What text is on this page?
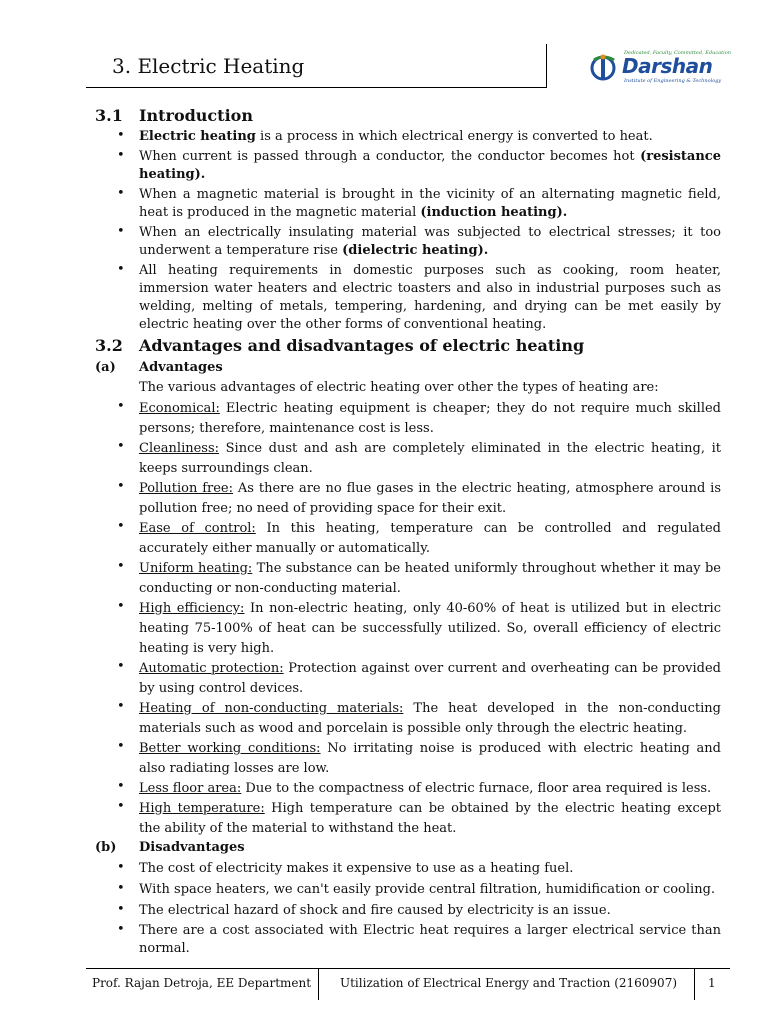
3. Electric Heating
Dedicated, Faculty, Committed, Education
Darshan
Institute of Engineering & Technology
3.1 Introduction
• Electric heating is a process in which electrical energy is converted to heat.
• When current is passed through a conductor, the conductor becomes hot (resistance heating).
• When a magnetic material is brought in the vicinity of an alternating magnetic field, heat is produced in the magnetic material (induction heating).
• When an electrically insulating material was subjected to electrical stresses; it too underwent a temperature rise (dielectric heating).
• All heating requirements in domestic purposes such as cooking, room heater, immersion water heaters and electric toasters and also in industrial purposes such as welding, melting of metals, tempering, hardening, and drying can be met easily by electric heating over the other forms of conventional heating.
3.2 Advantages and disadvantages of electric heating
(a) Advantages
The various advantages of electric heating over other the types of heating are:
• Economical: Electric heating equipment is cheaper; they do not require much skilled persons; therefore, maintenance cost is less.
• Cleanliness: Since dust and ash are completely eliminated in the electric heating, it keeps surroundings clean.
• Pollution free: As there are no flue gases in the electric heating, atmosphere around is pollution free; no need of providing space for their exit.
• Ease of control: In this heating, temperature can be controlled and regulated accurately either manually or automatically.
• Uniform heating: The substance can be heated uniformly throughout whether it may be conducting or non-conducting material.
• High efficiency: In non-electric heating, only 40-60% of heat is utilized but in electric heating 75-100% of heat can be successfully utilized. So, overall efficiency of electric heating is very high.
• Automatic protection: Protection against over current and overheating can be provided by using control devices.
• Heating of non-conducting materials: The heat developed in the non-conducting materials such as wood and porcelain is possible only through the electric heating.
• Better working conditions: No irritating noise is produced with electric heating and also radiating losses are low.
• Less floor area: Due to the compactness of electric furnace, floor area required is less.
• High temperature: High temperature can be obtained by the electric heating except the ability of the material to withstand the heat.
(b) Disadvantages
• The cost of electricity makes it expensive to use as a heating fuel.
• With space heaters, we can't easily provide central filtration, humidification or cooling.
• The electrical hazard of shock and fire caused by electricity is an issue.
• There are a cost associated with Electric heat requires a larger electrical service than normal.
Prof. Rajan Detroja, EE Department Utilization of Electrical Energy and Traction (2160907)	1
